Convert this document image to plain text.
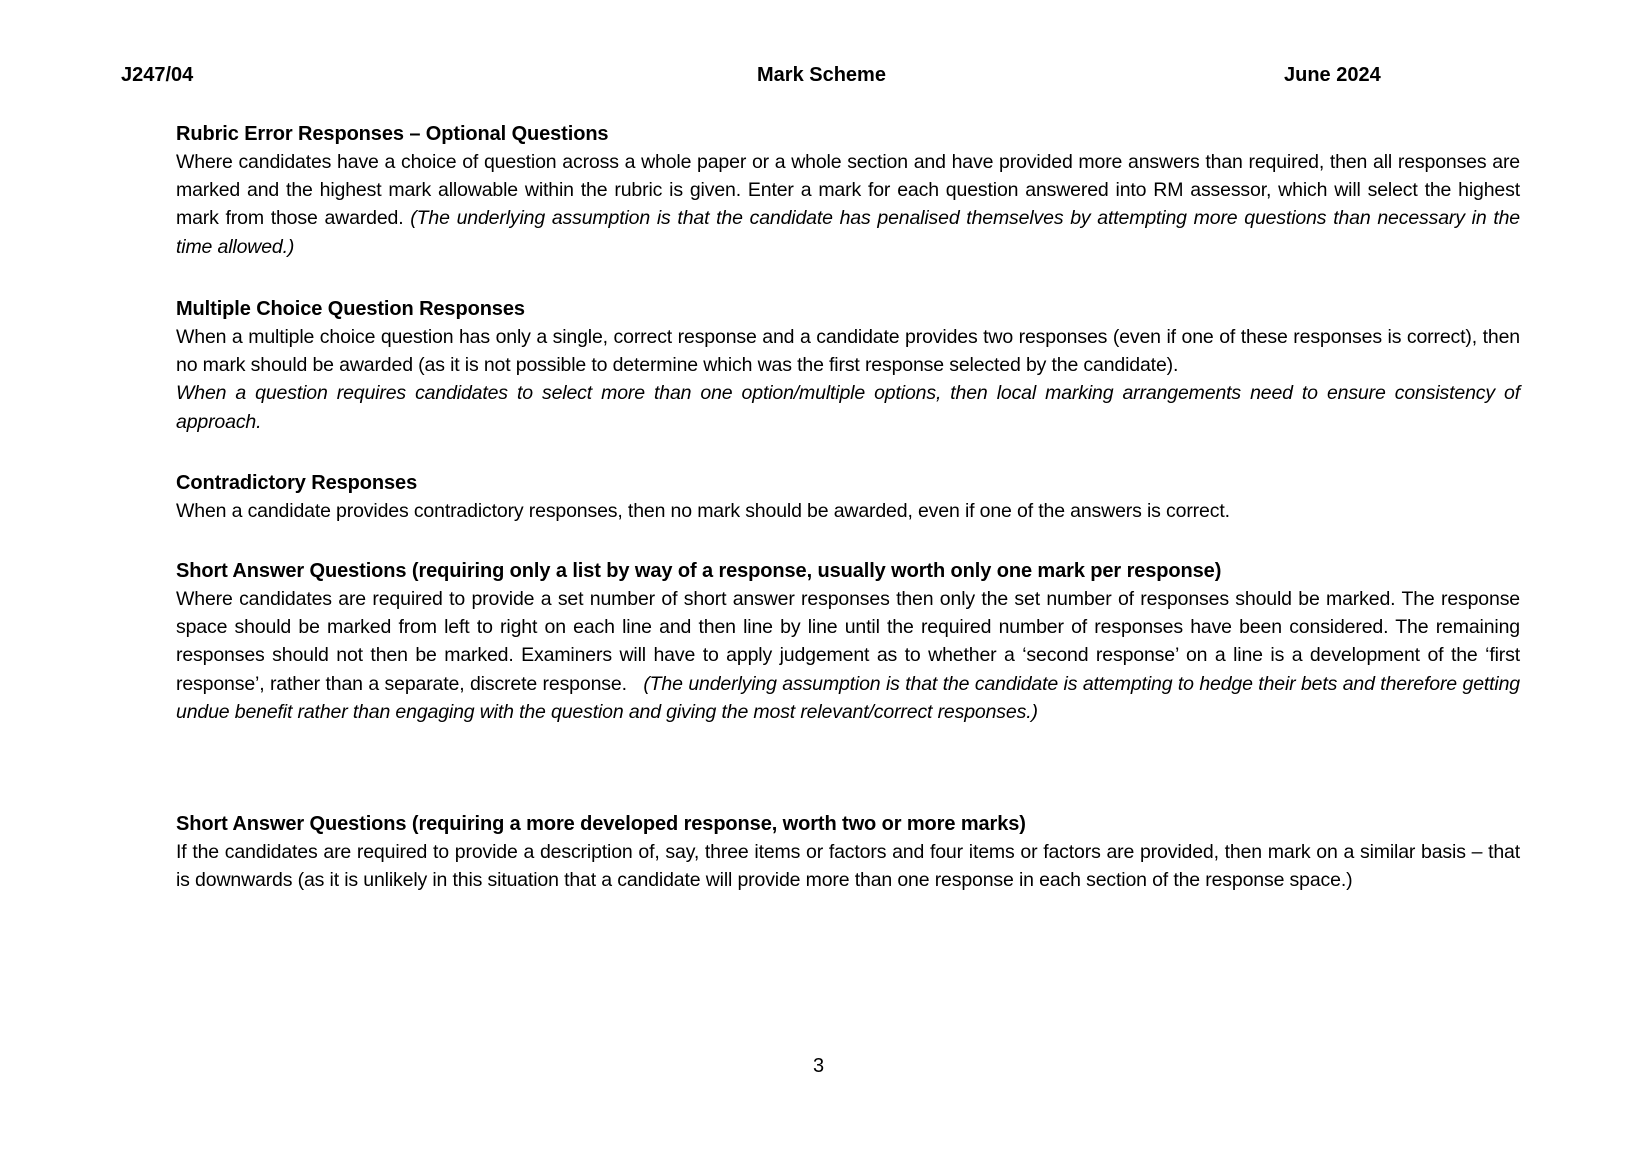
J247/04	Mark Scheme	June 2024
Rubric Error Responses – Optional Questions

Where candidates have a choice of question across a whole paper or a whole section and have provided more answers than required, then all responses are marked and the highest mark allowable within the rubric is given. Enter a mark for each question answered into RM assessor, which will select the highest mark from those awarded. (The underlying assumption is that the candidate has penalised themselves by attempting more questions than necessary in the time allowed.)

Multiple Choice Question Responses

When a multiple choice question has only a single, correct response and a candidate provides two responses (even if one of these responses is correct), then no mark should be awarded (as it is not possible to determine which was the first response selected by the candidate).

When a question requires candidates to select more than one option/multiple options, then local marking arrangements need to ensure consistency of approach.

Contradictory Responses

When a candidate provides contradictory responses, then no mark should be awarded, even if one of the answers is correct.

Short Answer Questions (requiring only a list by way of a response, usually worth only one mark per response)

Where candidates are required to provide a set number of short answer responses then only the set number of responses should be marked. The response space should be marked from left to right on each line and then line by line until the required number of responses have been considered. The remaining responses should not then be marked. Examiners will have to apply judgement as to whether a ‘second response’ on a line is a development of the ‘first response’, rather than a separate, discrete response. (The underlying assumption is that the candidate is attempting to hedge their bets and therefore getting undue benefit rather than engaging with the question and giving the most relevant/correct responses.)

Short Answer Questions (requiring a more developed response, worth two or more marks)

If the candidates are required to provide a description of, say, three items or factors and four items or factors are provided, then mark on a similar basis – that is downwards (as it is unlikely in this situation that a candidate will provide more than one response in each section of the response space.)

3
